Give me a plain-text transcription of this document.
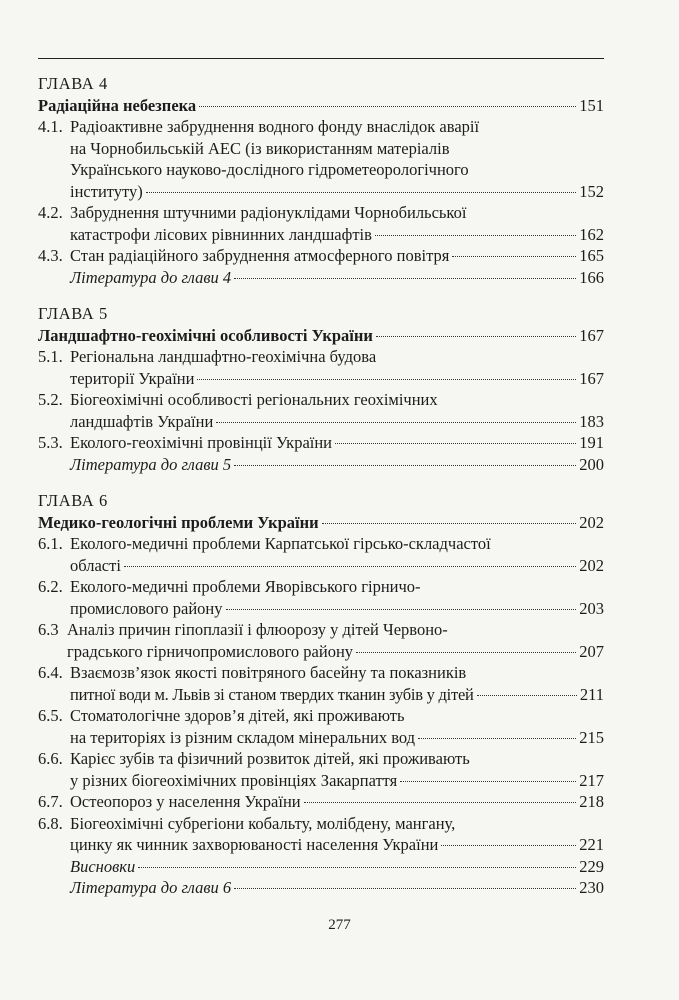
ГЛАВА 4
Радіаційна небезпека	151
4.1. Радіоактивне забруднення водного фонду внаслідок аварії
на Чорнобильській АЕС (із використанням матеріалів
Українського науково-дослідного гідрометеорологічного
інституту)	152
4.2. Забруднення штучними радіонуклідами Чорнобильської
катастрофи лісових рівнинних ландшафтів	162
4.3. Стан радіаційного забруднення атмосферного повітря	165
Література до глави 4	166
ГЛАВА 5
Ландшафтно-геохімічні особливості України	167
5.1. Регіональна ландшафтно-геохімічна будова
території України	167
5.2. Біогеохімічні особливості регіональних геохімічних
ландшафтів України	183
5.3. Еколого-геохімічні провінції України	191
Література до глави 5	200
ГЛАВА 6
Медико-геологічні проблеми України	202
6.1. Еколого-медичні проблеми Карпатської гірсько-складчастої
області	202
6.2. Еколого-медичні проблеми Яворівського гірничо-
промислового району	203
6.3 Аналіз причин гіпоплазії і флюорозу у дітей Червоно-
градського гірничопромислового району	207
6.4. Взаємозв’язок якості повітряного басейну та показників
питної води м. Львів зі станом твердих тканин зубів у дітей	211
6.5. Стоматологічне здоров’я дітей, які проживають
на територіях із різним складом мінеральних вод	215
6.6. Карієс зубів та фізичний розвиток дітей, які проживають
у різних біогеохімічних провінціях Закарпаття	217
6.7. Остеопороз у населення України	218
6.8. Біогеохімічні субрегіони кобальту, молібдену, мангану,
цинку як чинник захворюваності населення України	221
Висновки	229
Література до глави 6	230
277
